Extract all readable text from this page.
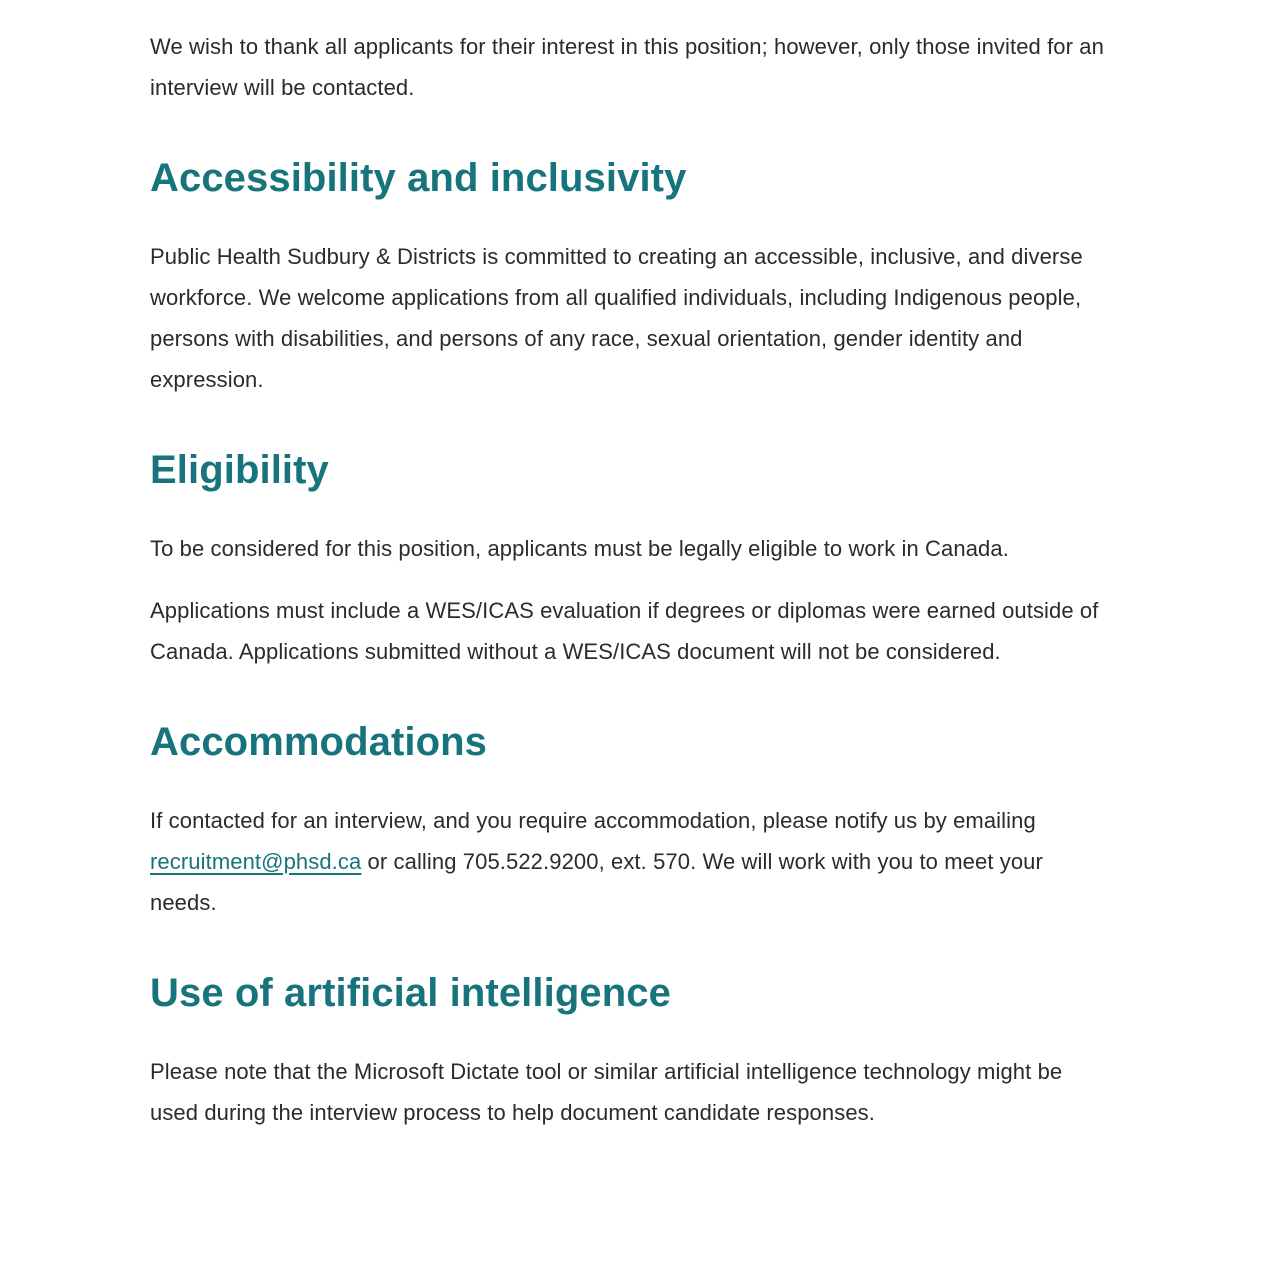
We wish to thank all applicants for their interest in this position; however, only those invited for an interview will be contacted.

Accessibility and inclusivity

Public Health Sudbury & Districts is committed to creating an accessible, inclusive, and diverse workforce. We welcome applications from all qualified individuals, including Indigenous people, persons with disabilities, and persons of any race, sexual orientation, gender identity and expression.

Eligibility

To be considered for this position, applicants must be legally eligible to work in Canada.

Applications must include a WES/ICAS evaluation if degrees or diplomas were earned outside of Canada. Applications submitted without a WES/ICAS document will not be considered.

Accommodations

If contacted for an interview, and you require accommodation, please notify us by emailing recruitment@phsd.ca or calling 705.522.9200, ext. 570. We will work with you to meet your needs.

Use of artificial intelligence

Please note that the Microsoft Dictate tool or similar artificial intelligence technology might be used during the interview process to help document candidate responses.
